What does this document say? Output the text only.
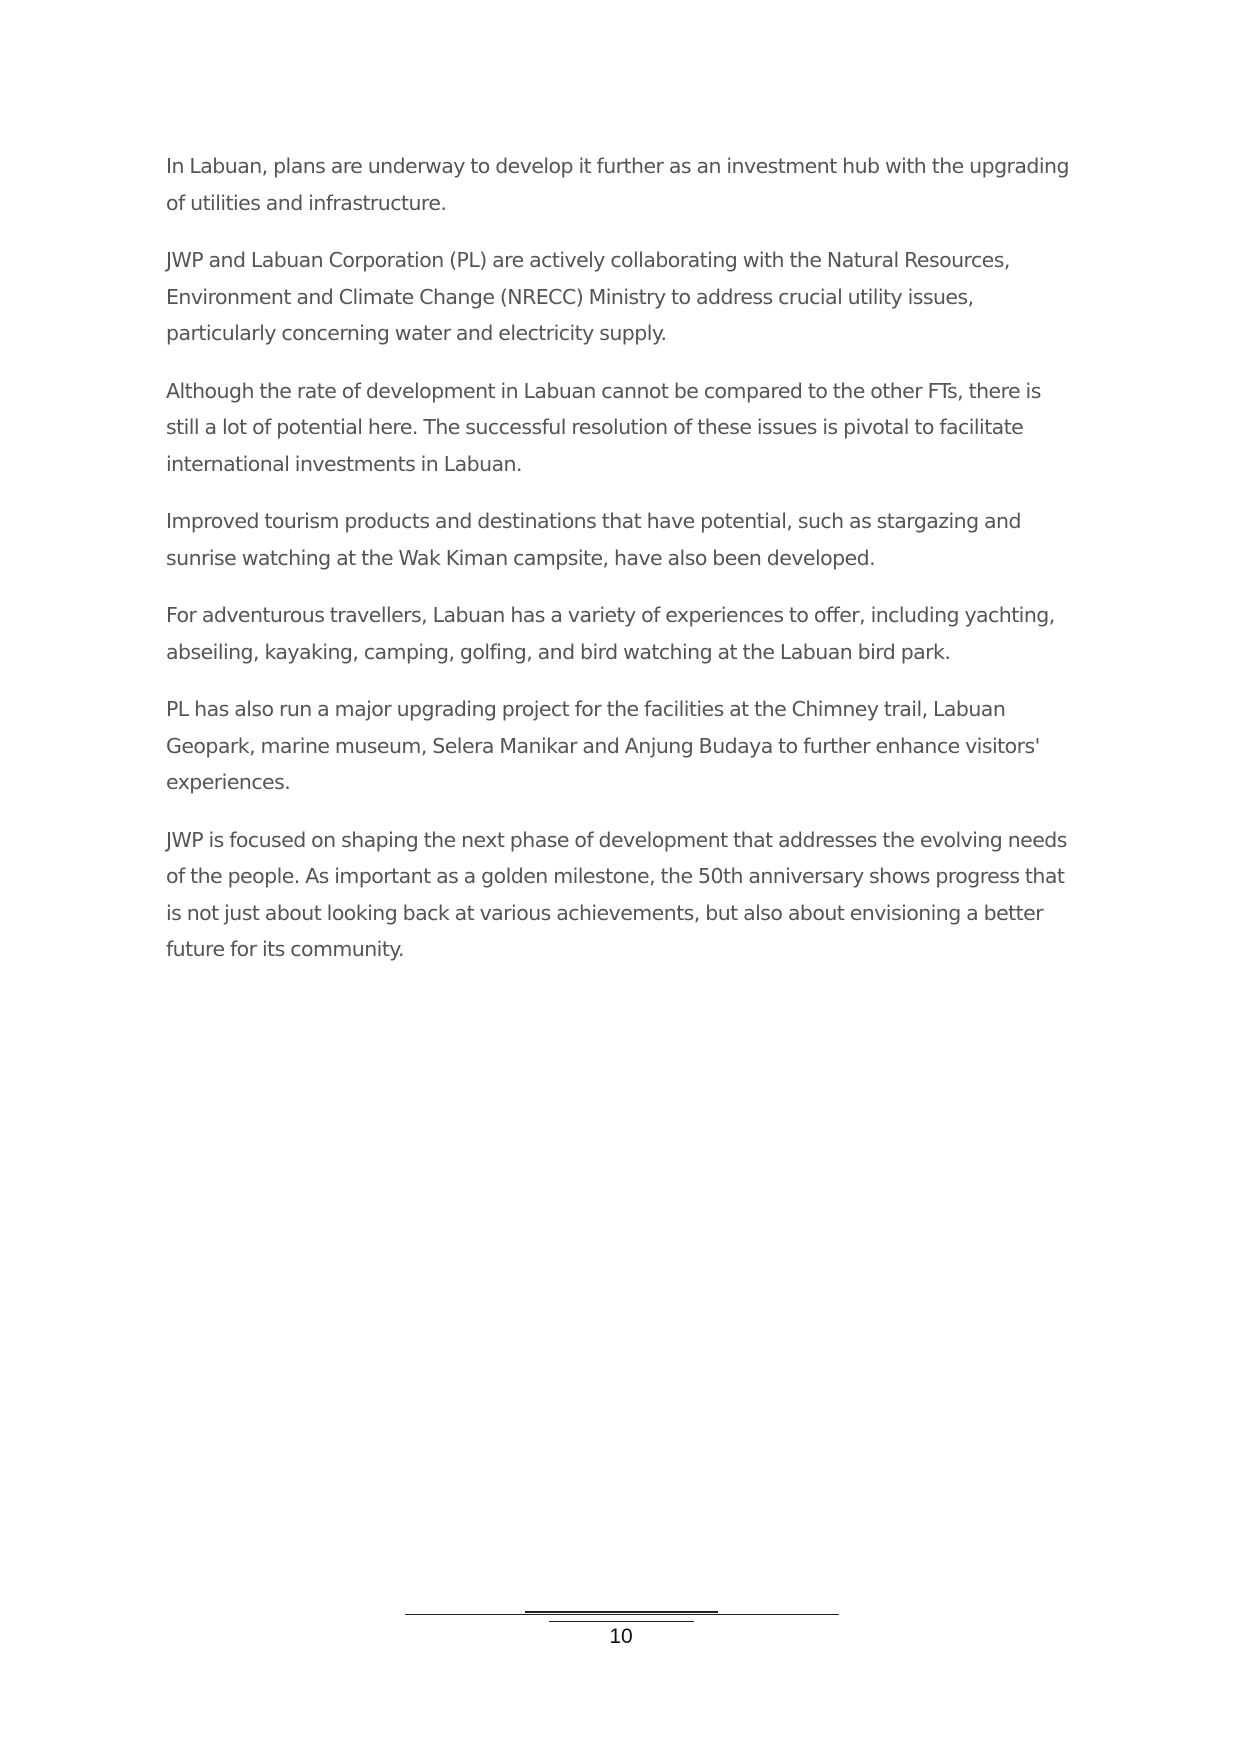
In Labuan, plans are underway to develop it further as an investment hub with the upgrading of utilities and infrastructure.

JWP and Labuan Corporation (PL) are actively collaborating with the Natural Resources, Environment and Climate Change (NRECC) Ministry to address crucial utility issues, particularly concerning water and electricity supply.

Although the rate of development in Labuan cannot be compared to the other FTs, there is still a lot of potential here. The successful resolution of these issues is pivotal to facilitate international investments in Labuan.

Improved tourism products and destinations that have potential, such as stargazing and sunrise watching at the Wak Kiman campsite, have also been developed.

For adventurous travellers, Labuan has a variety of experiences to offer, including yachting, abseiling, kayaking, camping, golfing, and bird watching at the Labuan bird park.

PL has also run a major upgrading project for the facilities at the Chimney trail, Labuan Geopark, marine museum, Selera Manikar and Anjung Budaya to further enhance visitors' experiences.

JWP is focused on shaping the next phase of development that addresses the evolving needs of the people. As important as a golden milestone, the 50th anniversary shows progress that is not just about looking back at various achievements, but also about envisioning a better future for its community.

10
